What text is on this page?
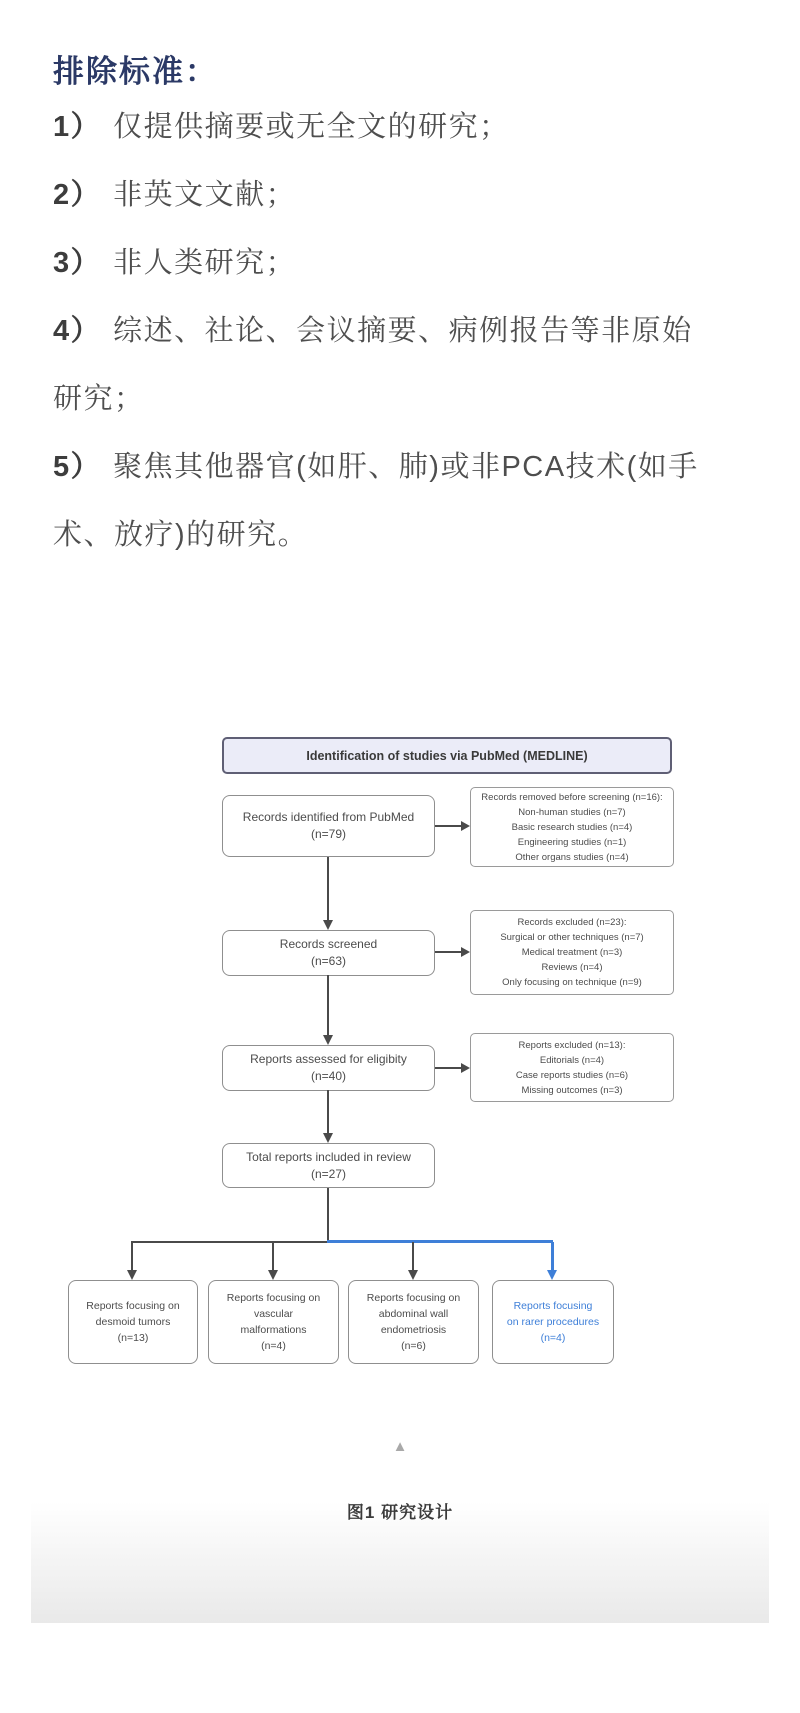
排除标准：
1） 仅提供摘要或无全文的研究；
2） 非英文文献；
3） 非人类研究；
4） 综述、社论、会议摘要、病例报告等非原始
研究；
5） 聚焦其他器官(如肝、肺)或非PCA技术(如手
术、放疗)的研究。
Identification of studies via PubMed (MEDLINE)
Records identified from PubMed
(n=79)
Records screened
(n=63)
Reports assessed for eligibity
(n=40)
Total reports included in review
(n=27)
Records removed before screening (n=16):
Non-human studies (n=7)
Basic research studies (n=4)
Engineering studies (n=1)
Other organs studies (n=4)
Records excluded (n=23):
Surgical or other techniques (n=7)
Medical treatment (n=3)
Reviews (n=4)
Only focusing on technique (n=9)
Reports excluded (n=13):
Editorials (n=4)
Case reports studies (n=6)
Missing outcomes (n=3)
Reports focusing on
desmoid tumors
(n=13)
Reports focusing on
vascular
malformations
(n=4)
Reports focusing on
abdominal wall
endometriosis
(n=6)
Reports focusing
on rarer procedures
(n=4)
▲
图1 研究设计
